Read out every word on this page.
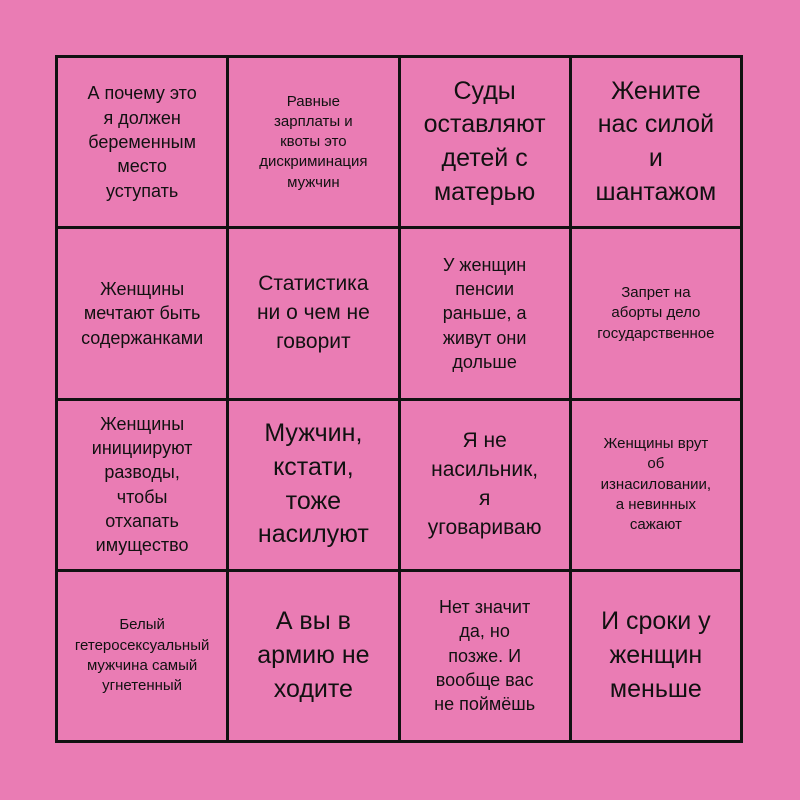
А почему это
я должен
беременным
место
уступать
Равные
зарплаты и
квоты это
дискриминация
мужчин
Суды
оставляют
детей с
матерью
Жените
нас силой
и
шантажом
Женщины
мечтают быть
содержанками
Статистика
ни о чем не
говорит
У женщин
пенсии
раньше, а
живут они
дольше
Запрет на
аборты дело
государственное
Женщины
инициируют
разводы,
чтобы
отхапать
имущество
Мужчин,
кстати,
тоже
насилуют
Я не
насильник,
я
уговариваю
Женщины врут
об
изнасиловании,
а невинных
сажают
Белый
гетеросексуальный
мужчина самый
угнетенный
А вы в
армию не
ходите
Нет значит
да, но
позже. И
вообще вас
не поймёшь
И сроки у
женщин
меньше
